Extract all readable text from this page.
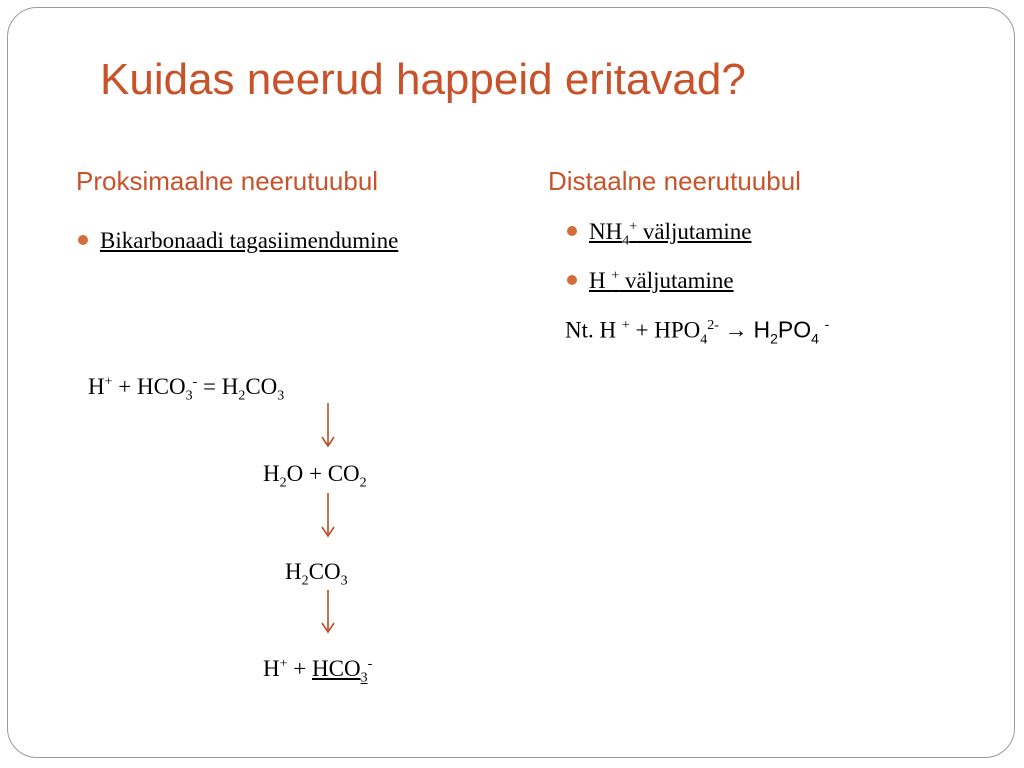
Kuidas neerud happeid eritavad?
Proksimaalne neerutuubul	Distaalne neerutuubul
Bikarbonaadi tagasiimendumine	$NH_4^+$ väljutamine
H + väljutamine
Nt. H $^+ + HPO_4^{2-} \to H_2PO_4$ -
$H^+ + HCO_3^- = H_2CO_3$
$H_2O + CO_2$
$H_2CO_3$
$H^+ + HCO_3^-$
